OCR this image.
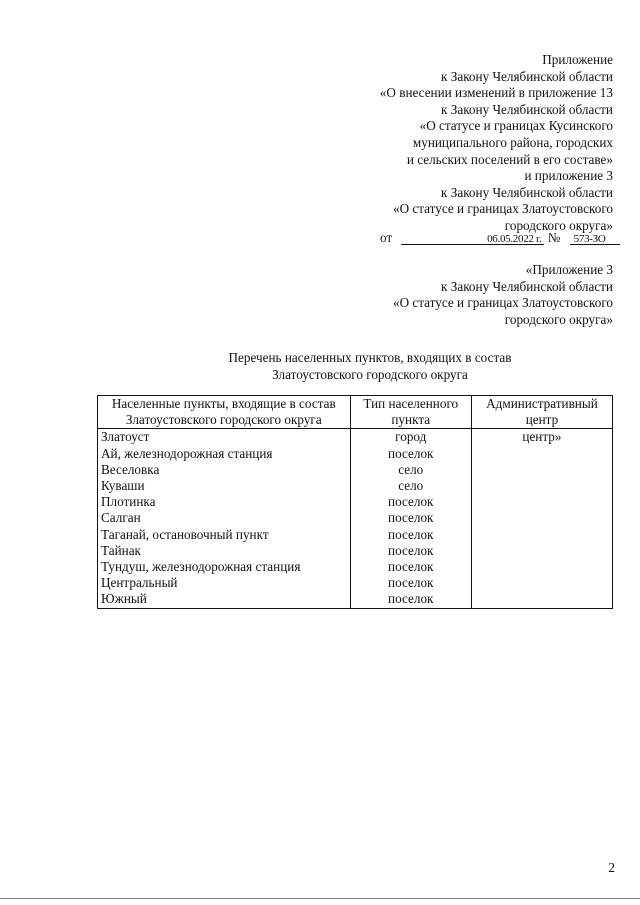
Приложение
к Закону Челябинской области
«О внесении изменений в приложение 13
к Закону Челябинской области
«О статусе и границах Кусинского
муниципального района, городских
и сельских поселений в его составе»
и приложение 3
к Закону Челябинской области
«О статусе и границах Златоустовского
городского округа»
от	06.05.2022 г. № 573-ЗО
«Приложение 3
к Закону Челябинской области
«О статусе и границах Златоустовского
городского округа»
Перечень населенных пунктов, входящих в состав
Златоустовского городского округа
Населенные пункты, входящие в состав Златоустовского городского округа	Тип населенного пункта	Административный центр
Златоуст	город	центр»
Ай, железнодорожная станция	поселок	
Веселовка	село	
Куваши	село	
Плотинка	поселок	
Салган	поселок	
Таганай, остановочный пункт	поселок	
Тайнак	поселок	
Тундуш, железнодорожная станция	поселок	
Центральный	поселок	
Южный	поселок	
2
